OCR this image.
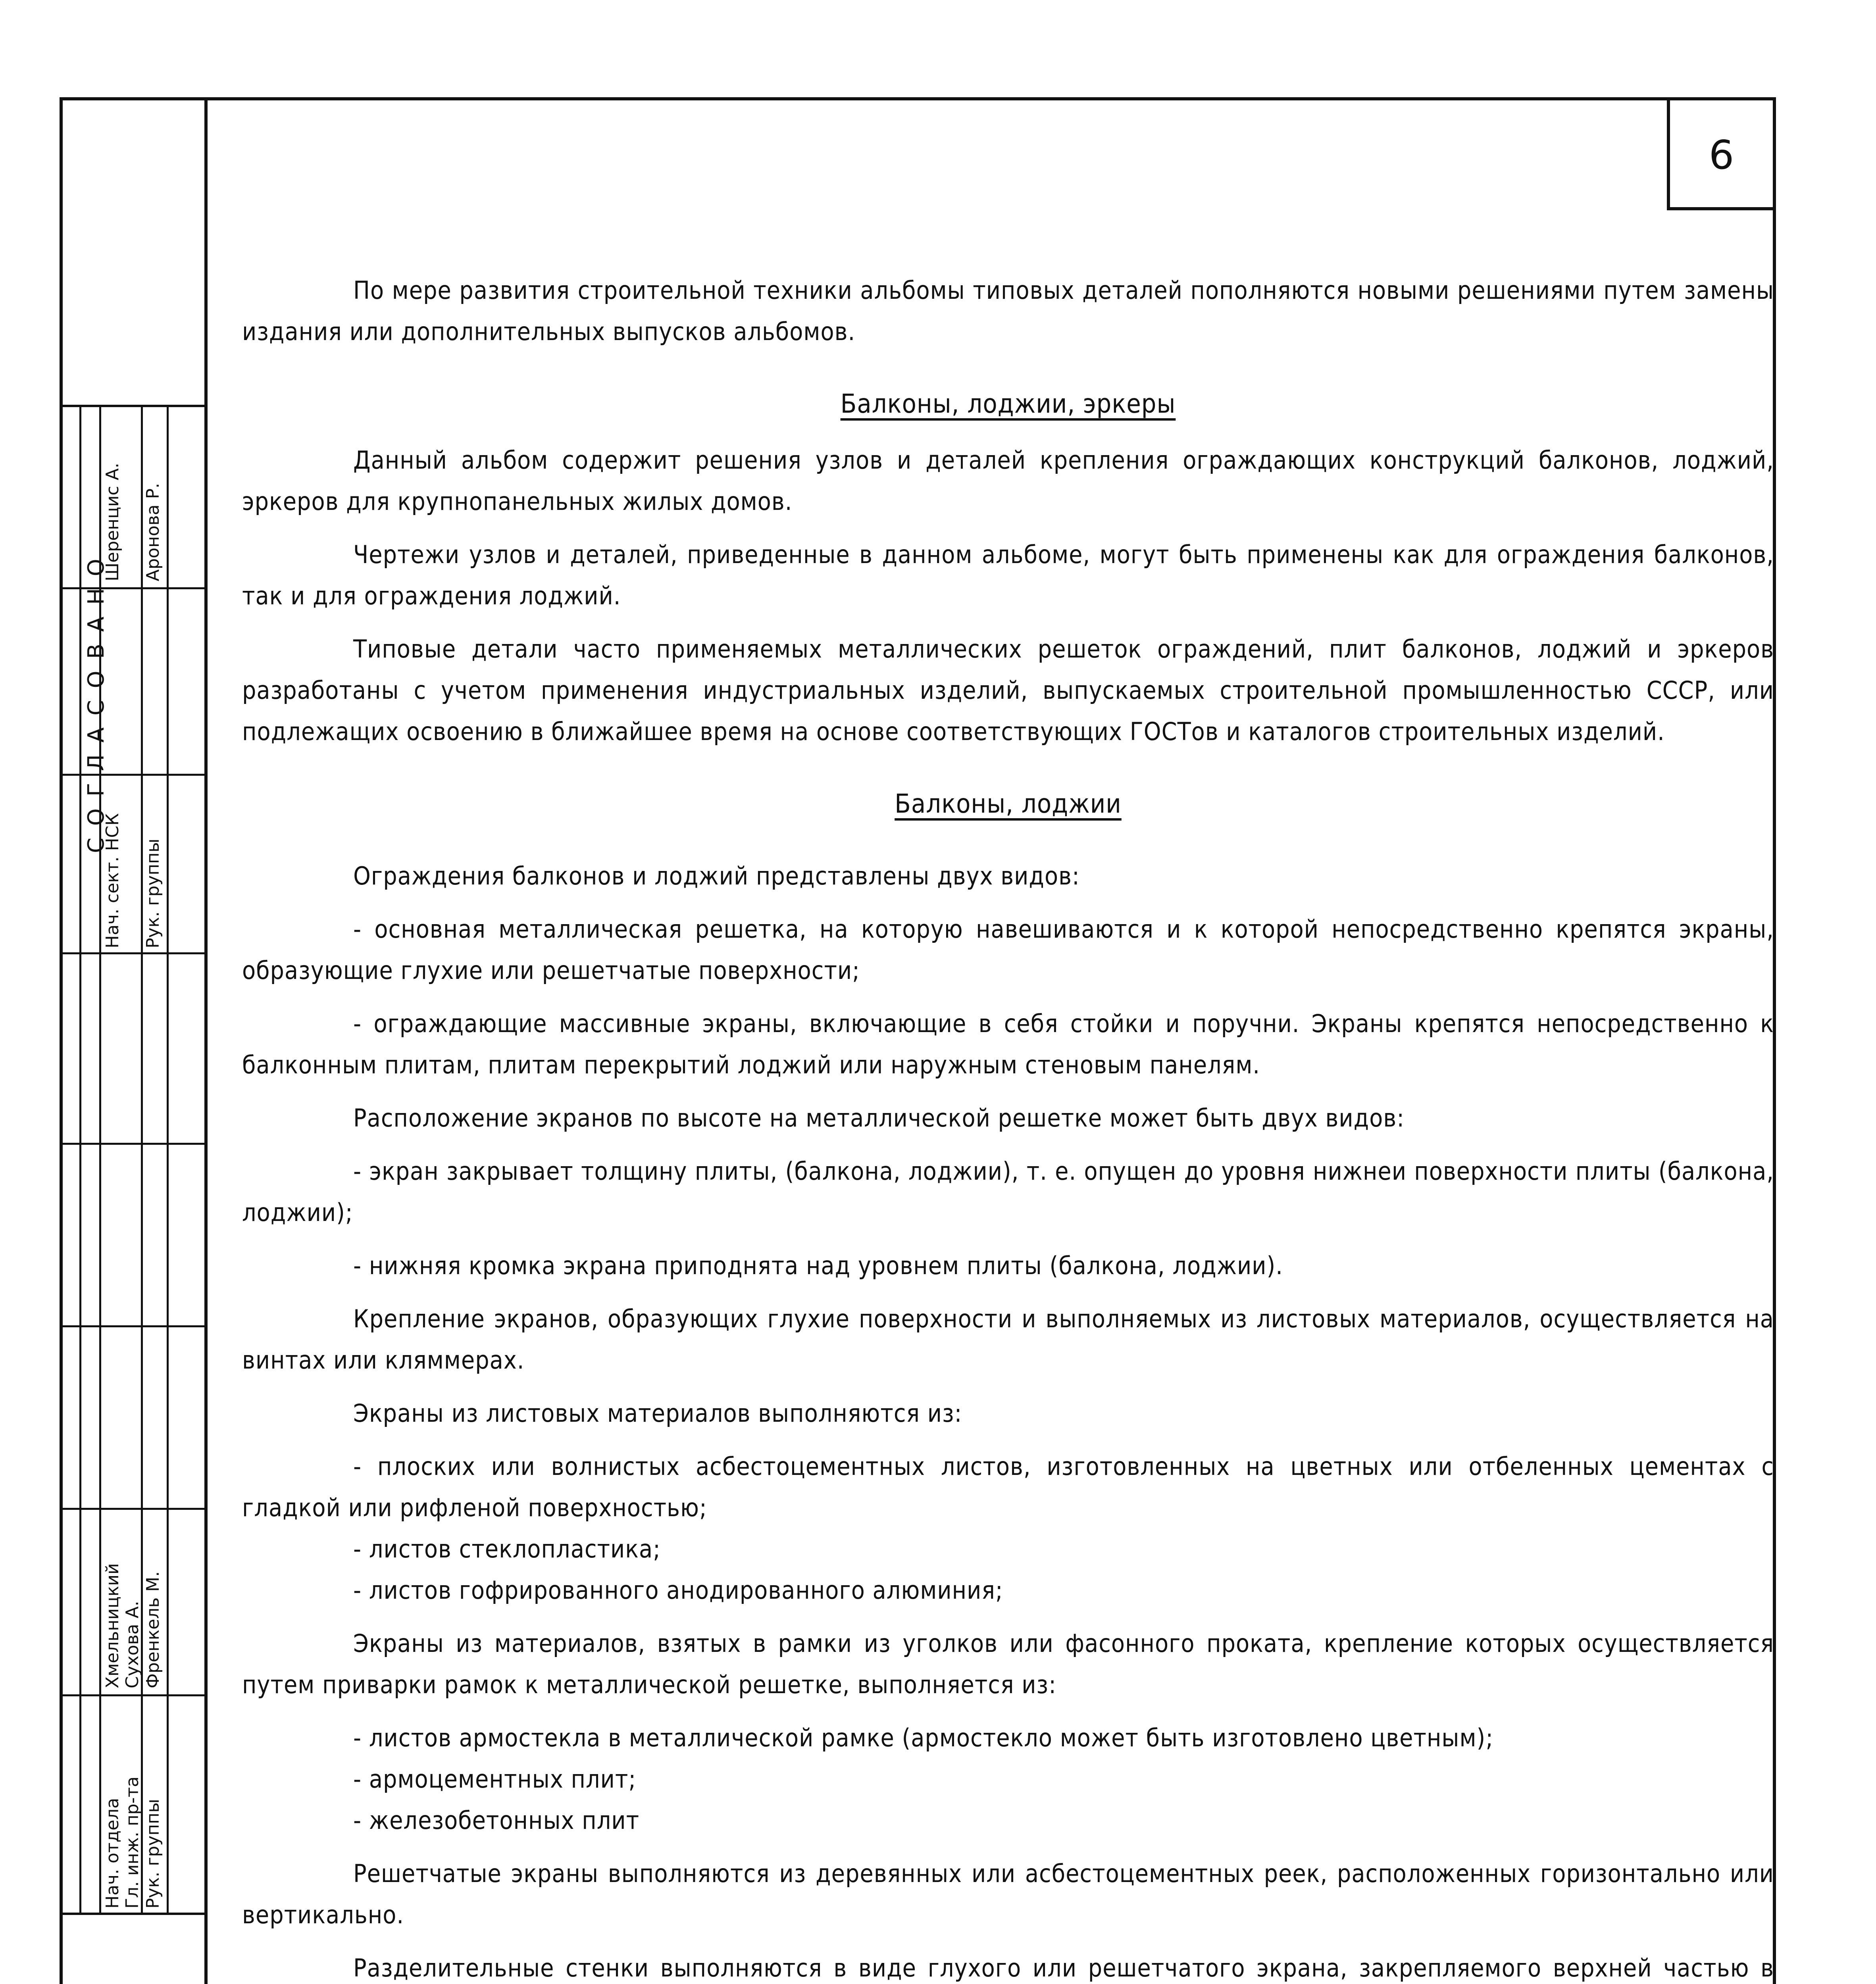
С О Г Л А С О В А Н О
Шеренцис А. Аронова Р.
Нач. сект. НСК Рук. группы
Хмельницкий Сухова А. Френкель М.
Нач. отдела Гл. инж. пр-та Рук. группы
6

По мере развития строительной техники альбомы типовых деталей пополняются новыми решениями путем замены издания или дополнительных выпусков альбомов.

Балконы, лоджии, эркеры

Данный альбом содержит решения узлов и деталей крепления ограждающих конструкций балконов, лоджий, эркеров для крупнопанельных жилых домов.

Чертежи узлов и деталей, приведенные в данном альбоме, могут быть применены как для ограждения балконов, так и для ограждения лоджий.

Типовые детали часто применяемых металлических решеток ограждений, плит балконов, лоджий и эркеров разработаны с учетом применения индустриальных изделий, выпускаемых строительной промышленностью СССР, или подлежащих освоению в ближайшее время на основе соответствующих ГОСТов и каталогов строительных изделий.

Балконы, лоджии

Ограждения балконов и лоджий представлены двух видов:

- основная металлическая решетка, на которую навешиваются и к которой непосредственно крепятся экраны, образующие глухие или решетчатые поверхности;

- ограждающие массивные экраны, включающие в себя стойки и поручни. Экраны крепятся непосредственно к балконным плитам, плитам перекрытий лоджий или наружным стеновым панелям.

Расположение экранов по высоте на металлической решетке может быть двух видов:

- экран закрывает толщину плиты, (балкона, лоджии), т. е. опущен до уровня нижнеи поверхности плиты (балкона, лоджии);

- нижняя кромка экрана приподнята над уровнем плиты (балкона, лоджии).

Крепление экранов, образующих глухие поверхности и выполняемых из листовых материалов, осуществляется на винтах или кляммерах.

Экраны из листовых материалов выполняются из:

- плоских или волнистых асбестоцементных листов, изготовленных на цветных или отбеленных цементах с гладкой или рифленой поверхностью;

- листов стеклопластика;

- листов гофрированного анодированного алюминия;

Экраны из материалов, взятых в рамки из уголков или фасонного проката, крепление которых осуществляется путем приварки рамок к металлической решетке, выполняется из:

- листов армостекла в металлической рамке (армостекло может быть изготовлено цветным);

- армоцементных плит;

- железобетонных плит

Решетчатые экраны выполняются из деревянных или асбестоцементных реек, расположенных горизонтально или вертикально.

Разделительные стенки выполняются в виде глухого или решетчатого экрана, закрепляемого верхней частью в
